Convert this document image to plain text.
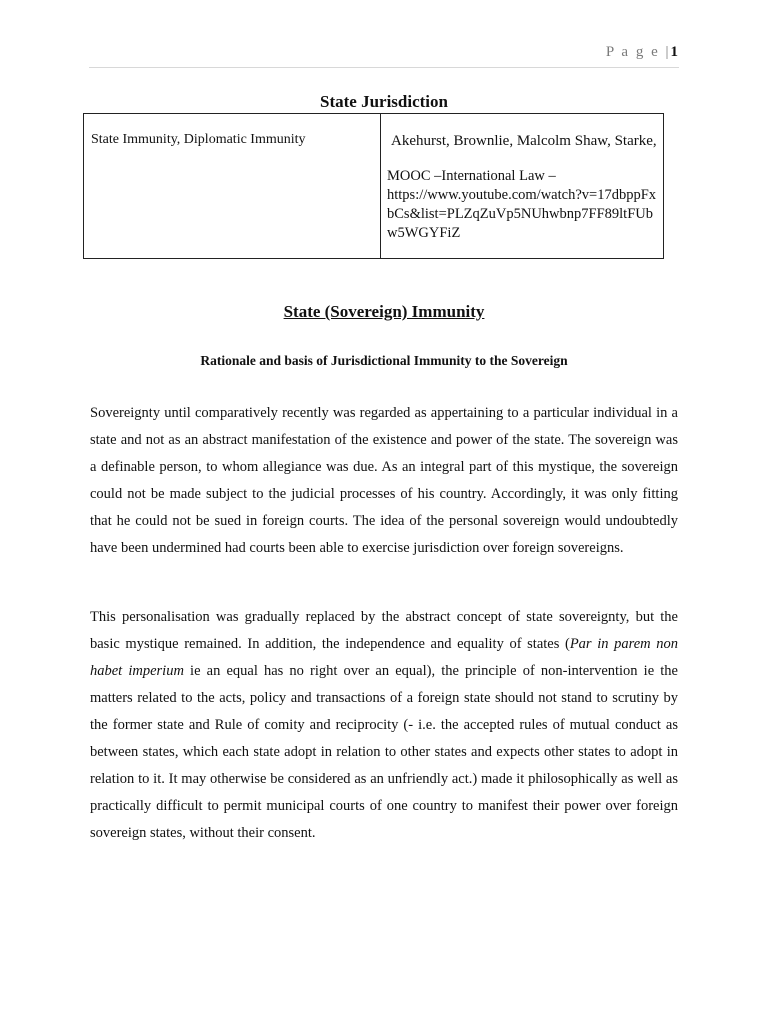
P a g e |1
State Jurisdiction
State Immunity, Diplomatic Immunity	Akehurst, Brownlie, Malcolm Shaw, Starke,
MOOC –International Law –
https://www.youtube.com/watch?v=17dbppFxbCs&list=PLZqZuVp5NUhwbnp7FF89ltFUbw5WGYFiZ
State (Sovereign) Immunity
Rationale and basis of Jurisdictional Immunity to the Sovereign

Sovereignty until comparatively recently was regarded as appertaining to a particular individual in a state and not as an abstract manifestation of the existence and power of the state. The sovereign was a definable person, to whom allegiance was due. As an integral part of this mystique, the sovereign could not be made subject to the judicial processes of his country. Accordingly, it was only fitting that he could not be sued in foreign courts. The idea of the personal sovereign would undoubtedly have been undermined had courts been able to exercise jurisdiction over foreign sovereigns.

This personalisation was gradually replaced by the abstract concept of state sovereignty, but the basic mystique remained. In addition, the independence and equality of states (Par in parem non habet imperium ie an equal has no right over an equal), the principle of non-intervention ie the matters related to the acts, policy and transactions of a foreign state should not stand to scrutiny by the former state and Rule of comity and reciprocity (- i.e. the accepted rules of mutual conduct as between states, which each state adopt in relation to other states and expects other states to adopt in relation to it. It may otherwise be considered as an unfriendly act.) made it philosophically as well as practically difficult to permit municipal courts of one country to manifest their power over foreign sovereign states, without their consent.
